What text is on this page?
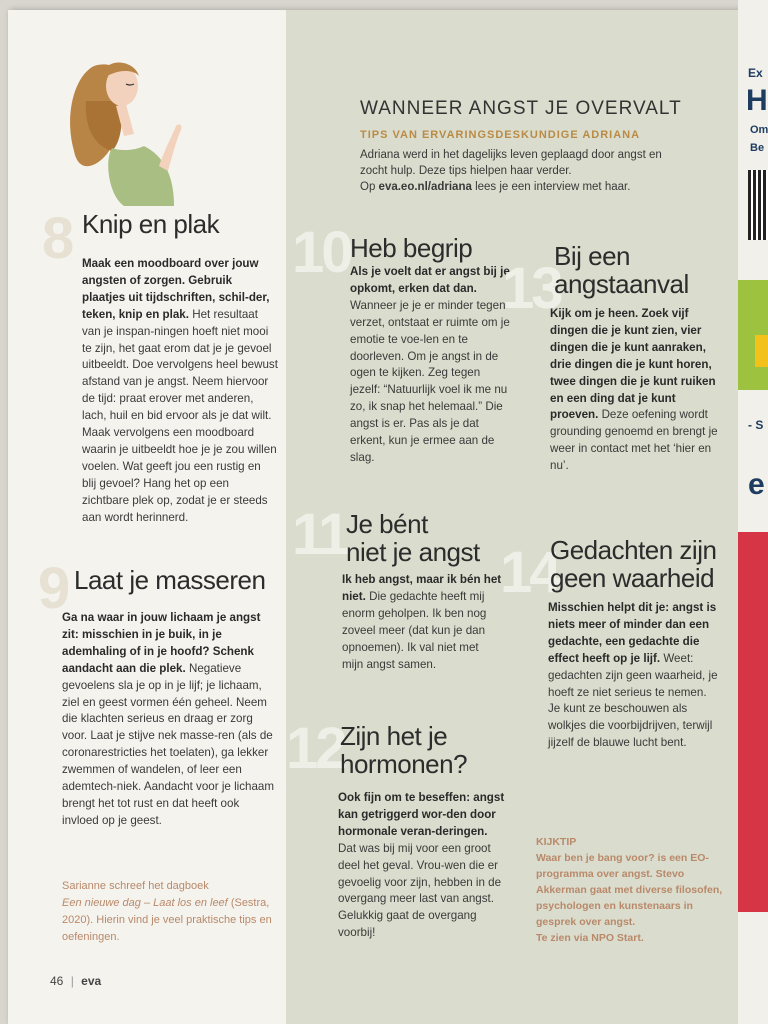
WANNEER ANGST JE OVERVALT
TIPS VAN ERVARINGSDESKUNDIGE ADRIANA
Adriana werd in het dagelijks leven geplaagd door angst en zocht hulp. Deze tips hielpen haar verder.
Op eva.eo.nl/adriana lees je een interview met haar.
8 Knip en plak
Maak een moodboard over jouw angsten of zorgen. Gebruik plaatjes uit tijdschriften, schil-der, teken, knip en plak. Het resultaat van je inspan-ningen hoeft niet mooi te zijn, het gaat erom dat je je gevoel uitbeeldt. Doe vervolgens heel bewust afstand van je angst. Neem hiervoor de tijd: praat erover met anderen, lach, huil en bid ervoor als je dat wilt. Maak vervolgens een moodboard waarin je uitbeeldt hoe je je zou willen voelen. Wat geeft jou een rustig en blij gevoel? Hang het op een zichtbare plek op, zodat je er steeds aan wordt herinnerd.
9 Laat je masseren
Ga na waar in jouw lichaam je angst zit: misschien in je buik, in je ademhaling of in je hoofd? Schenk aandacht aan die plek. Negatieve gevoelens sla je op in je lijf; je lichaam, ziel en geest vormen één geheel. Neem die klachten serieus en draag er zorg voor. Laat je stijve nek masse-ren (als de coronarestricties het toelaten), ga lekker zwemmen of wandelen, of leer een ademtech-niek. Aandacht voor je lichaam brengt het tot rust en dat heeft ook invloed op je geest.
Sarianne schreef het dagboek
Een nieuwe dag – Laat los en leef (Sestra, 2020). Hierin vind je veel praktische tips en oefeningen.
10 Heb begrip
Als je voelt dat er angst bij je opkomt, erken dat dan. Wanneer je je er minder tegen verzet, ontstaat er ruimte om je emotie te voe-len en te doorleven. Om je angst in de ogen te kijken. Zeg tegen jezelf: “Natuurlijk voel ik me nu zo, ik snap het helemaal.” Die angst is er. Pas als je dat erkent, kun je ermee aan de slag.
11
Je bént
niet je angst
Ik heb angst, maar ik bén het niet. Die gedachte heeft mij enorm geholpen. Ik ben nog zoveel meer (dat kun je dan opnoemen). Ik val niet met mijn angst samen.
12
Zijn het je
hormonen?
Ook fijn om te beseffen: angst kan getriggerd wor-den door hormonale veran-deringen. Dat was bij mij voor een groot deel het geval. Vrou-wen die er gevoelig voor zijn, hebben in de overgang meer last van angst. Gelukkig gaat de overgang voorbij!
13
Bij een
angstaanval
Kijk om je heen. Zoek vijf dingen die je kunt zien, vier dingen die je kunt aanraken, drie dingen die je kunt horen, twee dingen die je kunt ruiken en een ding dat je kunt proeven. Deze oefening wordt grounding genoemd en brengt je weer in contact met het ‘hier en nu’.
14
Gedachten zijn
geen waarheid
Misschien helpt dit je: angst is niets meer of minder dan een gedachte, een gedachte die effect heeft op je lijf. Weet: gedachten zijn geen waarheid, je hoeft ze niet serieus te nemen. Je kunt ze beschouwen als wolkjes die voorbijdrijven, terwijl jijzelf de blauwe lucht bent.
KIJKTIP
Waar ben je bang voor? is een EO-programma over angst. Stevo Akkerman gaat met diverse filosofen, psychologen en kunstenaars in gesprek over angst.
Te zien via NPO Start.
46 | eva
Ex
H
Om
Be
- S
e
